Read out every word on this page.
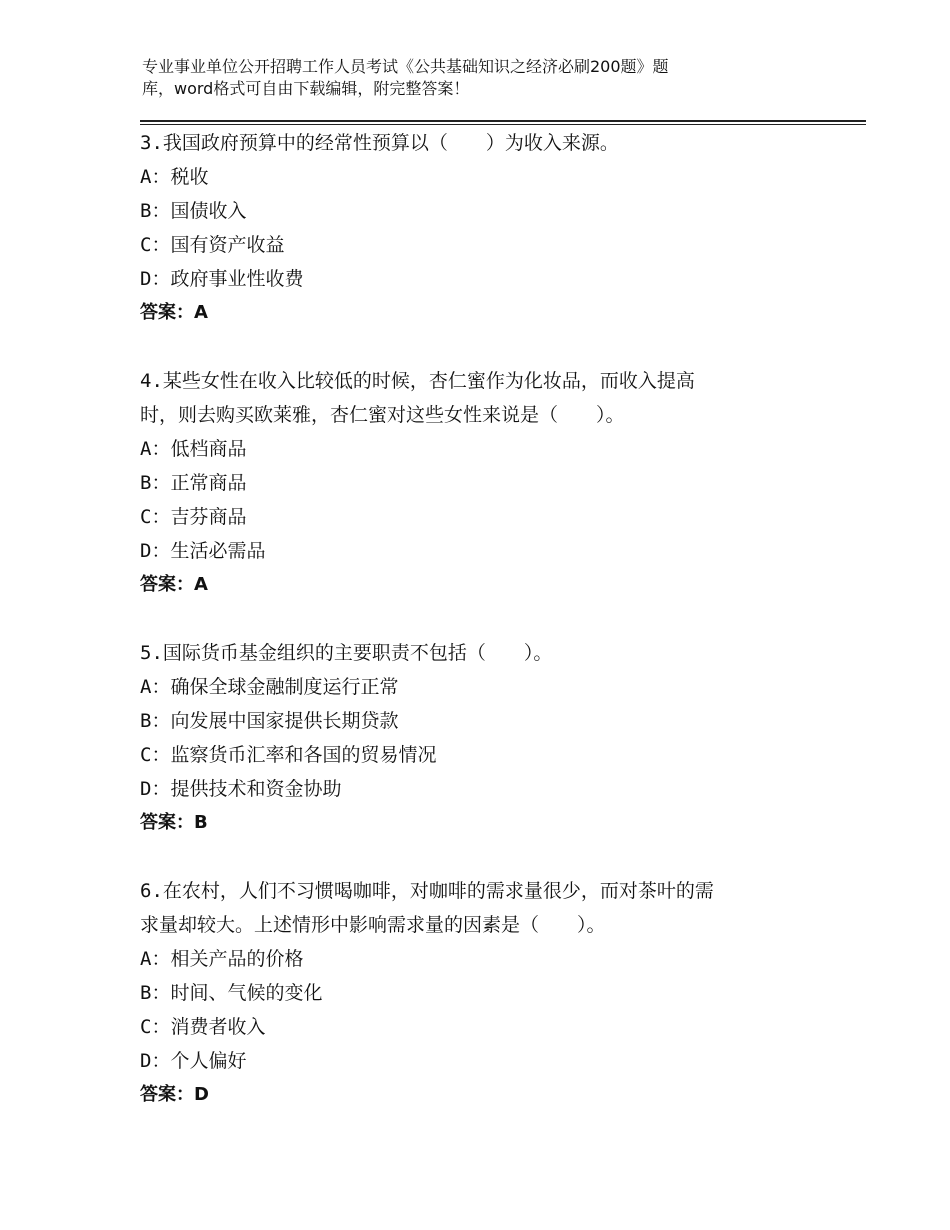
专业事业单位公开招聘工作人员考试《公共基础知识之经济必刷200题》题
库，word格式可自由下载编辑，附完整答案！

3.我国政府预算中的经常性预算以（　　）为收入来源。

A：税收

B：国债收入

C：国有资产收益

D：政府事业性收费

答案：A

4.某些女性在收入比较低的时候，杏仁蜜作为化妆品，而收入提高

时，则去购买欧莱雅，杏仁蜜对这些女性来说是（　　）。

A：低档商品

B：正常商品

C：吉芬商品

D：生活必需品

答案：A

5.国际货币基金组织的主要职责不包括（　　）。

A：确保全球金融制度运行正常

B：向发展中国家提供长期贷款

C：监察货币汇率和各国的贸易情况

D：提供技术和资金协助

答案：B

6.在农村，人们不习惯喝咖啡，对咖啡的需求量很少，而对茶叶的需

求量却较大。上述情形中影响需求量的因素是（　　）。

A：相关产品的价格

B：时间、气候的变化

C：消费者收入

D：个人偏好

答案：D
